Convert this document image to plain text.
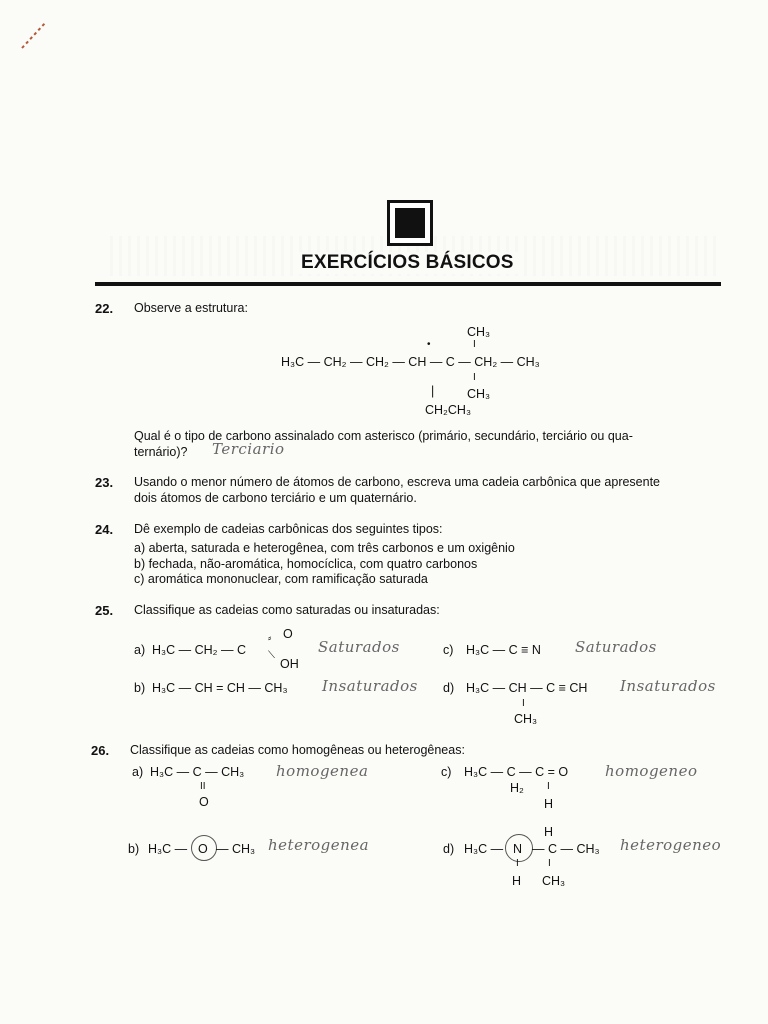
EXERCÍCIOS BÁSICOS
22. Observe a estrutura:
CH₃
•	I
H₃C — CH₂ — CH₂ — CH — C — CH₂ — CH₃
I
|	CH₃
CH₂CH₃
Qual é o tipo de carbono assinalado com asterisco (primário, secundário, terciário ou qua-
ternário)? Terciario
23. Usando o menor número de átomos de carbono, escreva uma cadeia carbônica que apresente
dois átomos de carbono terciário e um quaternário.
24. Dê exemplo de cadeias carbônicas dos seguintes tipos:
a) aberta, saturada e heterogênea, com três carbonos e um oxigênio
b) fechada, não-aromática, homocíclica, com quatro carbonos
c) aromática mononuclear, com ramificação saturada
25. Classifique as cadeias como saturadas ou insaturadas:
a) H₃C — CH₂ — C
O
⸗
⟍
OH
Saturados	c) H₃C — C ≡ N Saturados
b) H₃C — CH = CH — CH₃ Insaturados d) H₃C — CH — C ≡ CH
I
CH₃
Insaturados
26. Classifique as cadeias como homogêneas ou heterogêneas:
a) H₃C — C — CH₃
II
O
homogenea	c) H₃C — C — C = O
H₂ I
H
homogeneo
b) H₃C — O — CH₃ heterogenea	d) H₃C — N — C — CH₃
H
I	I
H CH₃
heterogeneo
